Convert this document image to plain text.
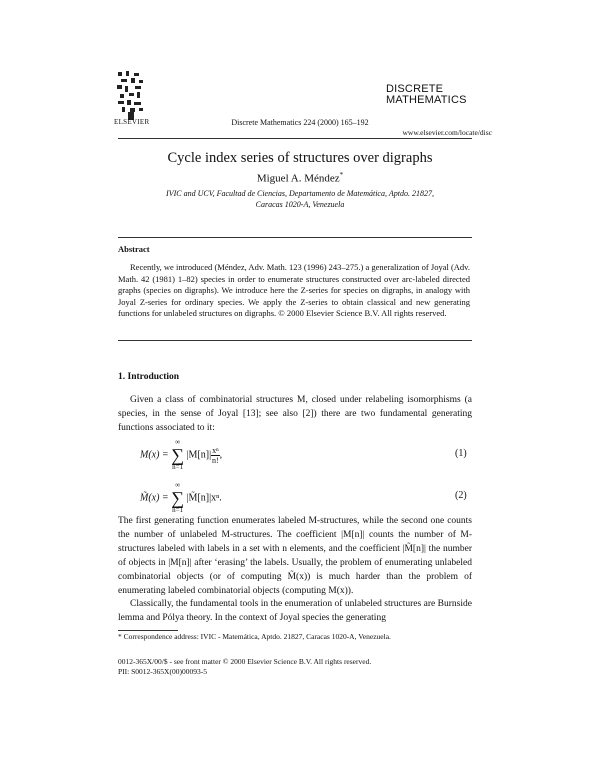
ELSEVIER	Discrete Mathematics 224 (2000) 165–192
DISCRETE
MATHEMATICS
www.elsevier.com/locate/disc
Cycle index series of structures over digraphs
Miguel A. Méndez*
IVIC and UCV, Facultad de Ciencias, Departamento de Matemática, Aptdo. 21827,
Caracas 1020-A, Venezuela
Abstract
Recently, we introduced (Méndez, Adv. Math. 123 (1996) 243–275.) a generalization of Joyal (Adv. Math. 42 (1981) 1–82) species in order to enumerate structures constructed over arc-labeled directed graphs (species on digraphs). We introduce here the Z-series for species on digraphs, in analogy with Joyal Z-series for ordinary species. We apply the Z-series to obtain classical and new generating functions for unlabeled structures on digraphs. © 2000 Elsevier Science B.V. All rights reserved.
1. Introduction
Given a class of combinatorial structures M, closed under relabeling isomorphisms (a species, in the sense of Joyal [13]; see also [2]) there are two fundamental generating functions associated to it:
M(x) =
∞
∑
n=1
$|M[n]| \frac{\text{xⁿ}}{n!}$ ,	(1)
M̃(x) =
∞
∑
n=1
|M̃[n]|xⁿ.	(2)
The first generating function enumerates labeled M-structures, while the second one counts the number of unlabeled M-structures. The coefficient |M[n]| counts the number of M-structures labeled with labels in a set with n elements, and the coefficient |M̃[n]| the number of objects in |M[n]| after ‘erasing’ the labels. Usually, the problem of enumerating unlabeled combinatorial objects (or of computing M̃(x)) is much harder than the problem of enumerating labeled combinatorial objects (computing M(x)).
Classically, the fundamental tools in the enumeration of unlabeled structures are Burnside lemma and Pólya theory. In the context of Joyal species the generating
* Correspondence address: IVIC - Matemática, Aptdo. 21827, Caracas 1020-A, Venezuela.
0012-365X/00/$ - see front matter © 2000 Elsevier Science B.V. All rights reserved.
PII: S0012-365X(00)00093-5
